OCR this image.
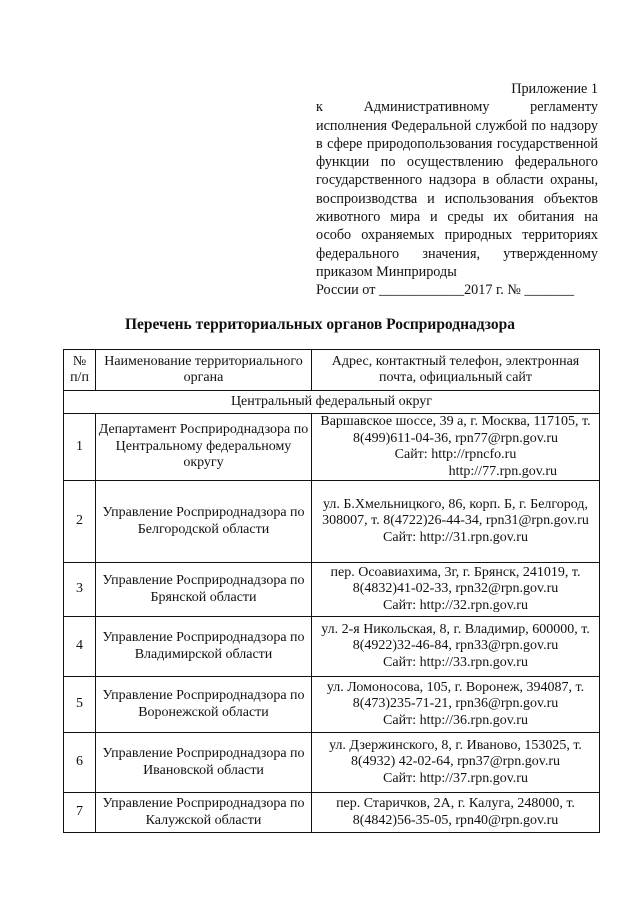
Приложение 1

к Административному регламенту исполнения Федеральной службой по надзору в сфере природопользования государственной функции по осуществлению федерального государственного надзора в области охраны, воспроизводства и использования объектов животного мира и среды их обитания на особо охраняемых природных территориях федерального значения, утвержденному приказом Минприроды

России от ____________2017 г. № _______

Перечень территориальных органов Росприроднадзора
№ п/п	Наименование территориального органа	Адрес, контактный телефон, электронная почта, официальный сайт
Центральный федеральный округ		
1	Департамент Росприроднадзора по Центральному федеральному округу	Варшавское шоссе, 39 а, г. Москва, 117105, т. 8(499)611-04-36, rpn77@rpn.gov.ru
Сайт: http://rpncfo.ru
http://77.rpn.gov.ru

2	Управление Росприроднадзора по Белгородской области	ул. Б.Хмельницкого, 86, корп. Б, г. Белгород, 308007, т. 8(4722)26-44-34, rpn31@rpn.gov.ru
Сайт: http://31.rpn.gov.ru

3	Управление Росприроднадзора по Брянской области	пер. Осоавиахима, 3г, г. Брянск, 241019, т. 8(4832)41-02-33, rpn32@rpn.gov.ru
Сайт: http://32.rpn.gov.ru

4	Управление Росприроднадзора по Владимирской области	ул. 2-я Никольская, 8, г. Владимир, 600000, т. 8(4922)32-46-84, rpn33@rpn.gov.ru
Сайт: http://33.rpn.gov.ru

5	Управление Росприроднадзора по Воронежской области	ул. Ломоносова, 105, г. Воронеж, 394087, т. 8(473)235-71-21, rpn36@rpn.gov.ru
Сайт: http://36.rpn.gov.ru

6	Управление Росприроднадзора по Ивановской области	ул. Дзержинского, 8, г. Иваново, 153025, т. 8(4932) 42-02-64, rpn37@rpn.gov.ru
Сайт: http://37.rpn.gov.ru

7	Управление Росприроднадзора по Калужской области	пер. Старичков, 2А, г. Калуга, 248000, т. 8(4842)56-35-05, rpn40@rpn.gov.ru
